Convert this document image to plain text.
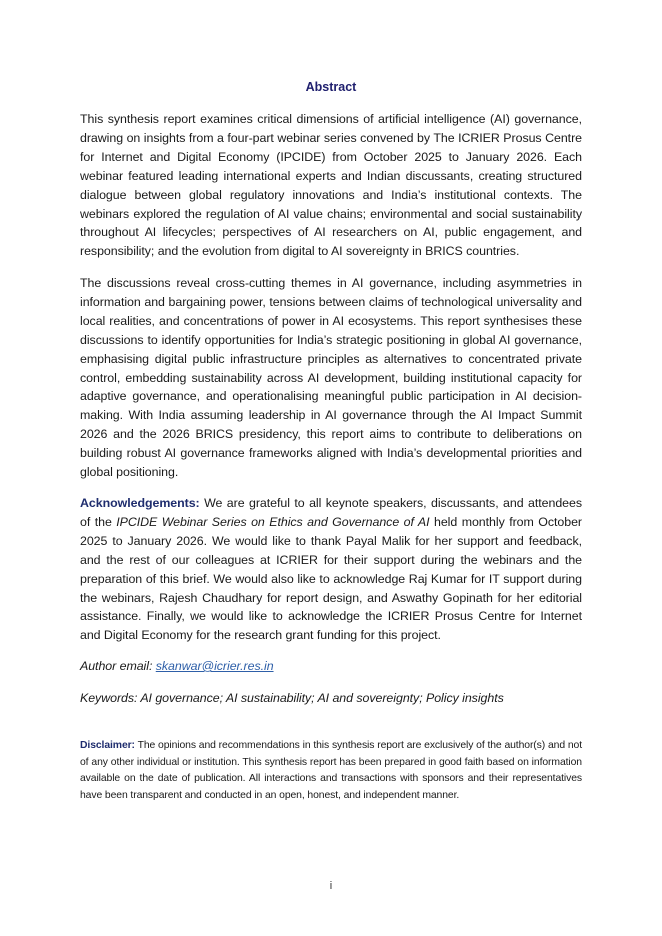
Abstract

This synthesis report examines critical dimensions of artificial intelligence (AI) governance, drawing on insights from a four-part webinar series convened by The ICRIER Prosus Centre for Internet and Digital Economy (IPCIDE) from October 2025 to January 2026. Each webinar featured leading international experts and Indian discussants, creating structured dialogue between global regulatory innovations and India’s institutional contexts. The webinars explored the regulation of AI value chains; environmental and social sustainability throughout AI lifecycles; perspectives of AI researchers on AI, public engagement, and responsibility; and the evolution from digital to AI sovereignty in BRICS countries.

The discussions reveal cross-cutting themes in AI governance, including asymmetries in information and bargaining power, tensions between claims of technological universality and local realities, and concentrations of power in AI ecosystems. This report synthesises these discussions to identify opportunities for India’s strategic positioning in global AI governance, emphasising digital public infrastructure principles as alternatives to concentrated private control, embedding sustainability across AI development, building institutional capacity for adaptive governance, and operationalising meaningful public participation in AI decision-making. With India assuming leadership in AI governance through the AI Impact Summit 2026 and the 2026 BRICS presidency, this report aims to contribute to deliberations on building robust AI governance frameworks aligned with India’s developmental priorities and global positioning.

Acknowledgements: We are grateful to all keynote speakers, discussants, and attendees of the IPCIDE Webinar Series on Ethics and Governance of AI held monthly from October 2025 to January 2026. We would like to thank Payal Malik for her support and feedback, and the rest of our colleagues at ICRIER for their support during the webinars and the preparation of this brief. We would also like to acknowledge Raj Kumar for IT support during the webinars, Rajesh Chaudhary for report design, and Aswathy Gopinath for her editorial assistance. Finally, we would like to acknowledge the ICRIER Prosus Centre for Internet and Digital Economy for the research grant funding for this project.

Author email: skanwar@icrier.res.in

Keywords: AI governance; AI sustainability; AI and sovereignty; Policy insights

Disclaimer: The opinions and recommendations in this synthesis report are exclusively of the author(s) and not of any other individual or institution. This synthesis report has been prepared in good faith based on information available on the date of publication. All interactions and transactions with sponsors and their representatives have been transparent and conducted in an open, honest, and independent manner.

i
